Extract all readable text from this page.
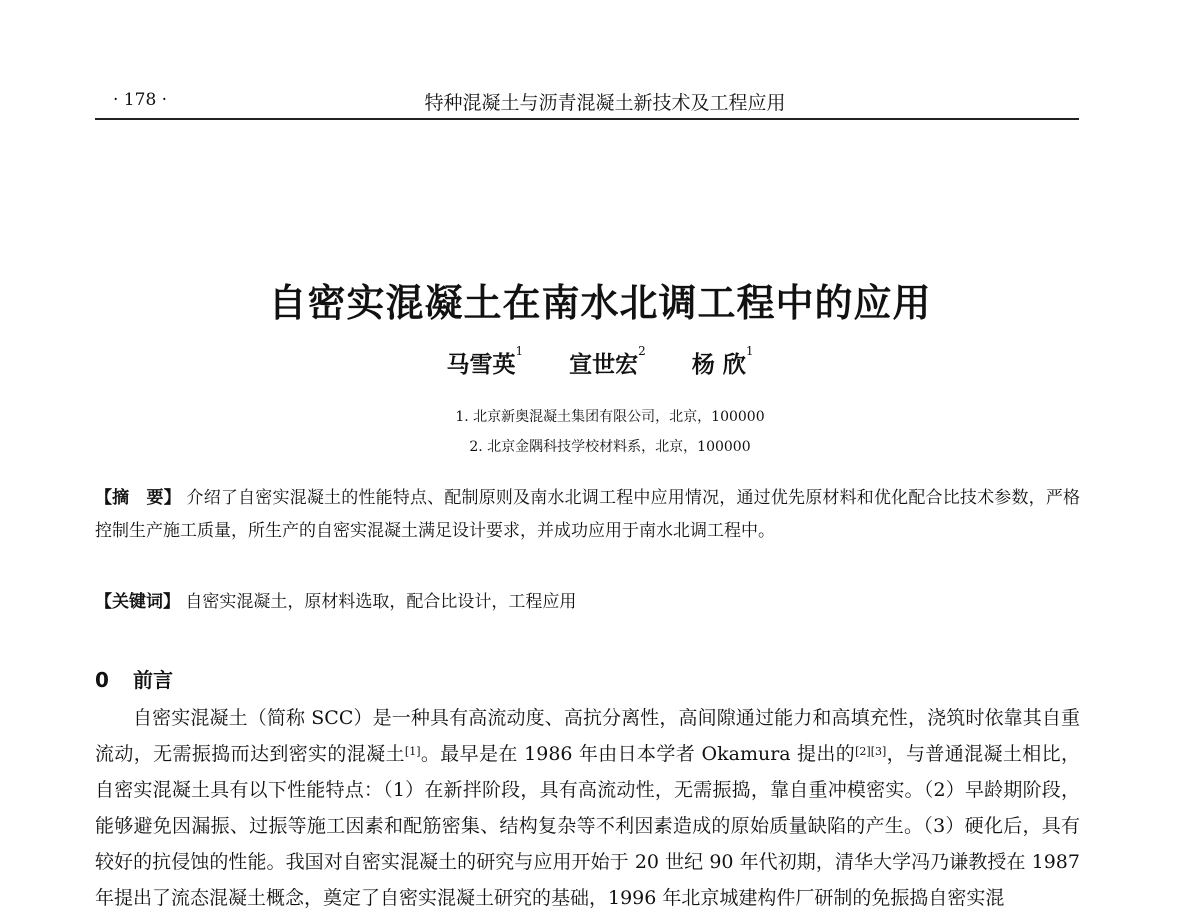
· 178 ·	特种混凝土与沥青混凝土新技术及工程应用
自密实混凝土在南水北调工程中的应用
马雪英$^1$ 宣世宏$^2$ 杨 欣$^1$
1. 北京新奥混凝土集团有限公司，北京，100000
2. 北京金隅科技学校材料系，北京，100000
【摘　要】 介绍了自密实混凝土的性能特点、配制原则及南水北调工程中应用情况，通过优先原材料和优化配合比技术参数，严格控制生产施工质量，所生产的自密实混凝土满足设计要求，并成功应用于南水北调工程中。
【关键词】 自密实混凝土，原材料选取，配合比设计，工程应用
0 前言
自密实混凝土（简称 SCC）是一种具有高流动度、高抗分离性，高间隙通过能力和高填充性，浇筑时依靠其自重流动，无需振捣而达到密实的混凝土[1]。最早是在 1986 年由日本学者 Okamura 提出的[2][3]，与普通混凝土相比，自密实混凝土具有以下性能特点：（1）在新拌阶段，具有高流动性，无需振捣，靠自重冲模密实。（2）早龄期阶段，能够避免因漏振、过振等施工因素和配筋密集、结构复杂等不利因素造成的原始质量缺陷的产生。（3）硬化后，具有较好的抗侵蚀的性能。我国对自密实混凝土的研究与应用开始于 20 世纪 90 年代初期，清华大学冯乃谦教授在 1987 年提出了流态混凝土概念，奠定了自密实混凝土研究的基础，1996 年北京城建构件厂研制的免振捣自密实混
